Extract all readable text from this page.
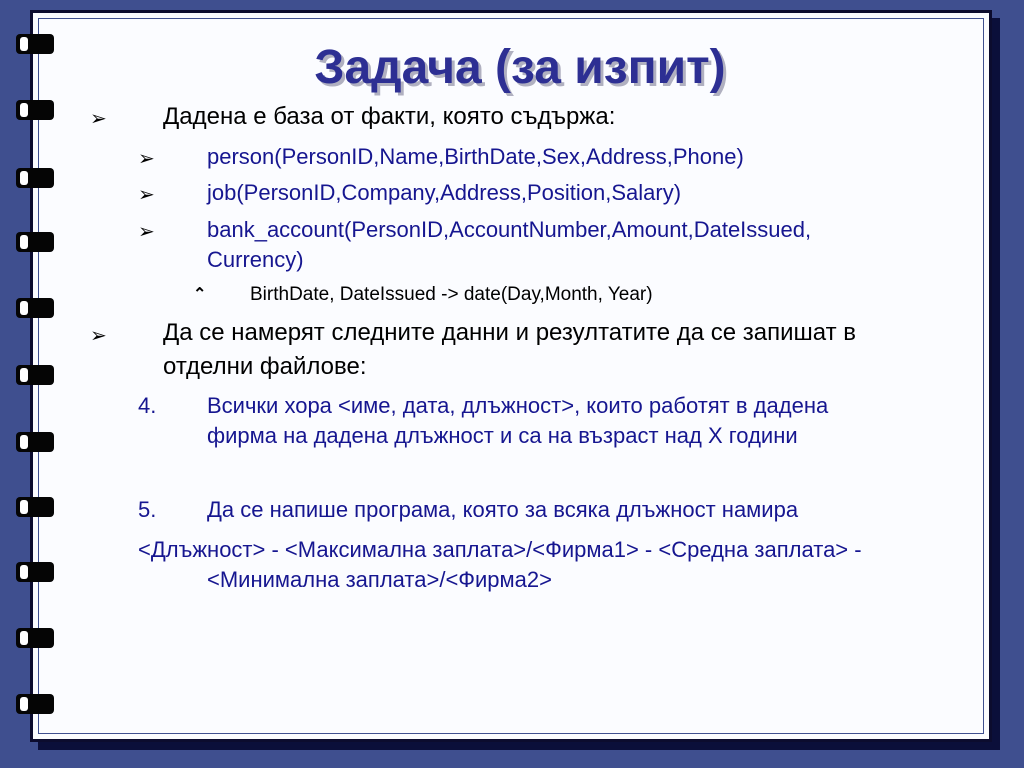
Задача (за изпит)
➢ Дадена е база от факти, която съдържа:
➢ person(PersonID,Name,BirthDate,Sex,Address,Phone)
➢ job(PersonID,Company,Address,Position,Salary)
➢ bank_account(PersonID,AccountNumber,Amount,DateIssued,
Currency)
⌃ BirthDate, DateIssued -> date(Day,Month, Year)
➢ Да се намерят следните данни и резултатите да се запишат в
отделни файлове:
4. Всички хора <име, дата, длъжност>, които работят в дадена
фирма на дадена длъжност и са на възраст над Х години
5. Да се напише програма, която за всяка длъжност намира
<Длъжност> - <Максимална заплата>/<Фирма1> - <Средна заплата> -
<Минимална заплата>/<Фирма2>
